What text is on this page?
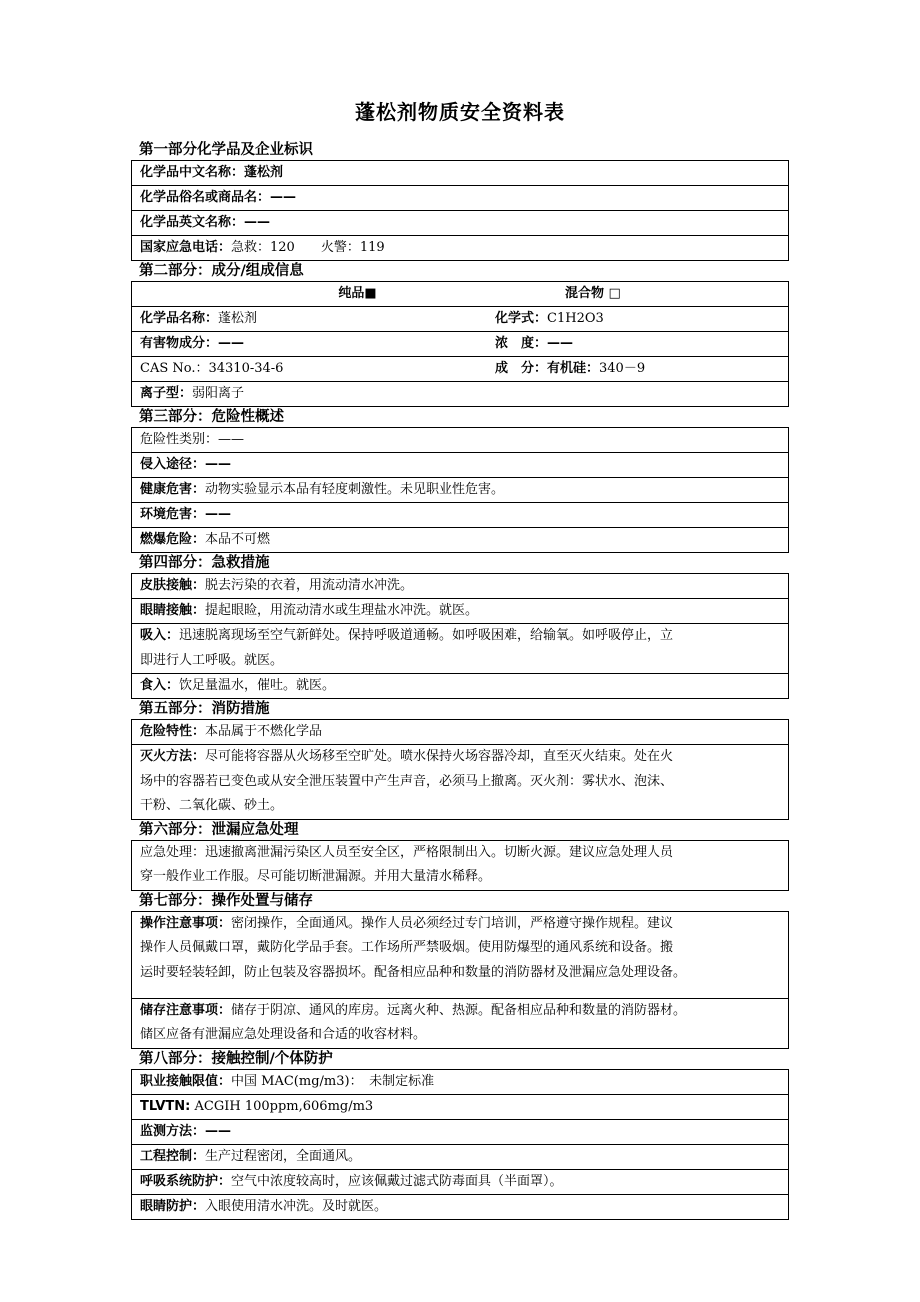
蓬松剂物质安全资料表
第一部分化学品及企业标识
化学品中文名称：蓬松剂
化学品俗名或商品名：——
化学品英文名称：——
国家应急电话：急救：120　　火警：119
第二部分：成分/组成信息
纯品■	混合物 □
化学品名称：蓬松剂	化学式：C1H2O3
有害物成分：——	浓　度：——
CAS No.：34310-34-6	成　分：有机硅：340－9
离子型：弱阳离子
第三部分：危险性概述
危险性类别：——
侵入途径：——
健康危害：动物实验显示本品有轻度刺激性。未见职业性危害。
环境危害：——
燃爆危险：本品不可燃
第四部分：急救措施
皮肤接触：脱去污染的衣着，用流动清水冲洗。
眼睛接触：提起眼睑，用流动清水或生理盐水冲洗。就医。
吸入：迅速脱离现场至空气新鲜处。保持呼吸道通畅。如呼吸困难，给输氧。如呼吸停止，立
即进行人工呼吸。就医。
食入：饮足量温水，催吐。就医。
第五部分：消防措施
危险特性：本品属于不燃化学品
灭火方法：尽可能将容器从火场移至空旷处。喷水保持火场容器冷却，直至灭火结束。处在火
场中的容器若已变色或从安全泄压装置中产生声音，必须马上撤离。灭火剂：雾状水、泡沫、
干粉、二氧化碳、砂土。
第六部分：泄漏应急处理
应急处理：迅速撤离泄漏污染区人员至安全区，严格限制出入。切断火源。建议应急处理人员
穿一般作业工作服。尽可能切断泄漏源。并用大量清水稀释。
第七部分：操作处置与储存
操作注意事项：密闭操作，全面通风。操作人员必须经过专门培训，严格遵守操作规程。建议
操作人员佩戴口罩，戴防化学品手套。工作场所严禁吸烟。使用防爆型的通风系统和设备。搬
运时要轻装轻卸，防止包装及容器损坏。配备相应品种和数量的消防器材及泄漏应急处理设备。
储存注意事项：储存于阴凉、通风的库房。远离火种、热源。配备相应品种和数量的消防器材。
储区应备有泄漏应急处理设备和合适的收容材料。
第八部分：接触控制/个体防护
职业接触限值：中国 MAC(mg/m3)：　未制定标准
TLVTN: ACGIH 100ppm,606mg/m3
监测方法：——
工程控制：生产过程密闭，全面通风。
呼吸系统防护：空气中浓度较高时，应该佩戴过滤式防毒面具（半面罩）。
眼睛防护：入眼使用清水冲洗。及时就医。
